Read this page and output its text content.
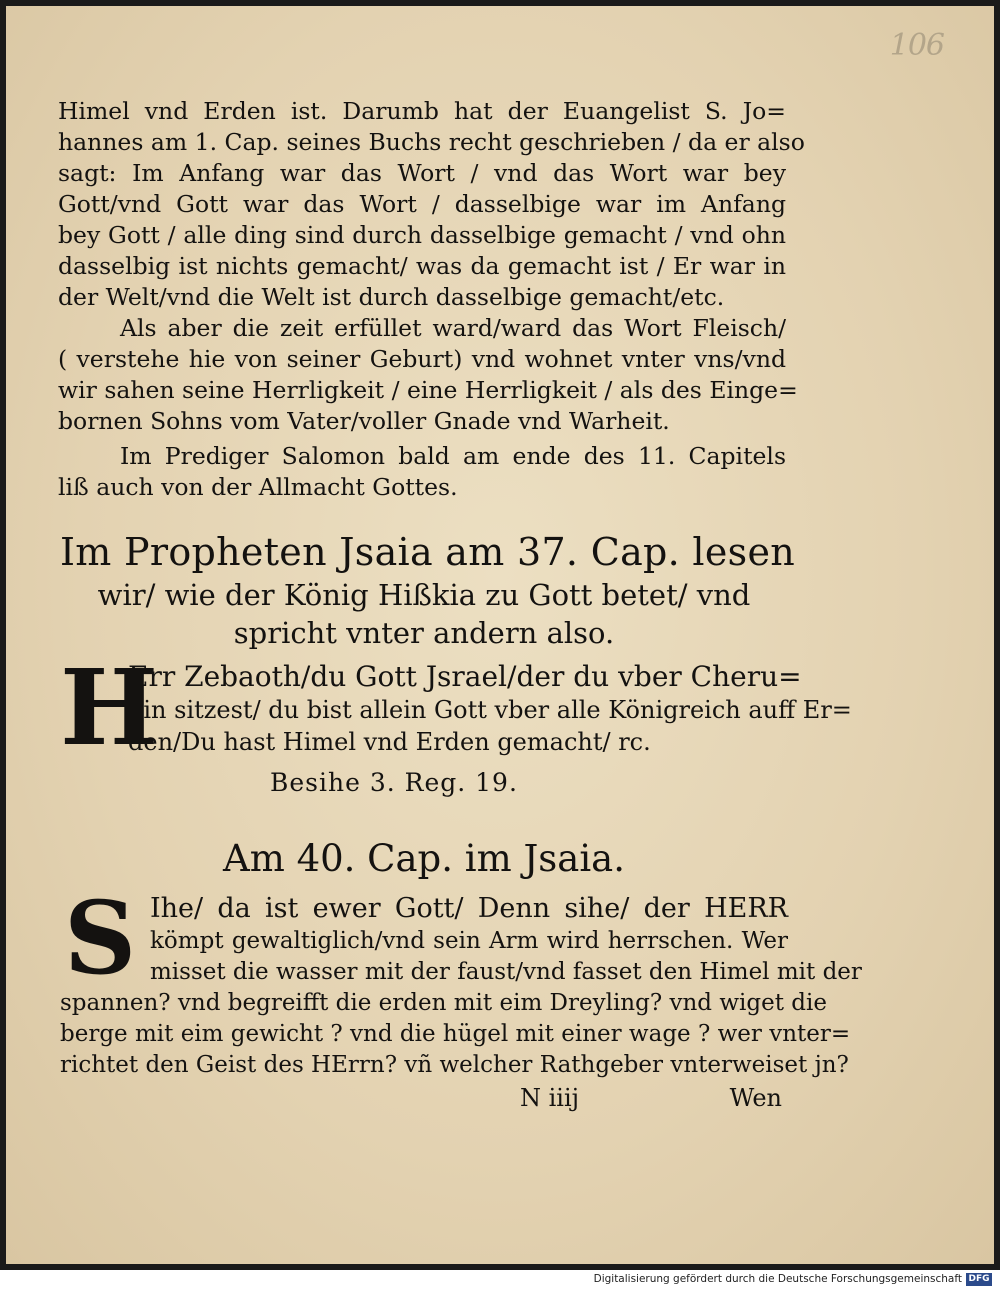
106
Himel vnd Erden ist. Darumb hat der Euangelist S. Jo=
hannes am 1. Cap. seines Buchs recht geschrieben / da er also
sagt: Im Anfang war das Wort / vnd das Wort war bey
Gott/vnd Gott war das Wort / dasselbige war im Anfang
bey Gott / alle ding sind durch dasselbige gemacht / vnd ohn
dasselbig ist nichts gemacht/ was da gemacht ist / Er war in
der Welt/vnd die Welt ist durch dasselbige gemacht/etc.
Als aber die zeit erfüllet ward/ward das Wort Fleisch/
( verstehe hie von seiner Geburt) vnd wohnet vnter vns/vnd
wir sahen seine Herrligkeit / eine Herrligkeit / als des Einge=
bornen Sohns vom Vater/voller Gnade vnd Warheit.
Im Prediger Salomon bald am ende des 11. Capitels
liß auch von der Allmacht Gottes.
Im Propheten Jsaia am 37. Cap. lesen
wir/ wie der König Hißkia zu Gott betet/ vnd
spricht vnter andern also.
H
Err Zebaoth/du Gott Jsrael/der du vber Cheru=
bin sitzest/ du bist allein Gott vber alle Königreich auff Er=
den/Du hast Himel vnd Erden gemacht/ rc.
Besihe 3. Reg. 19.
Am 40. Cap. im Jsaia.
S Ihe/ da ist ewer Gott/ Denn sihe/ der HERR
kömpt gewaltiglich/vnd sein Arm wird herrschen. Wer
misset die wasser mit der faust/vnd fasset den Himel mit der
spannen? vnd begreifft die erden mit eim Dreyling? vnd wiget die
berge mit eim gewicht ? vnd die hügel mit einer wage ? wer vnter=
richtet den Geist des HErrn? vñ welcher Rathgeber vnterweiset jn?
N iiij	Wen
Digitalisierung gefördert durch die Deutsche Forschungsgemeinschaft DFG
